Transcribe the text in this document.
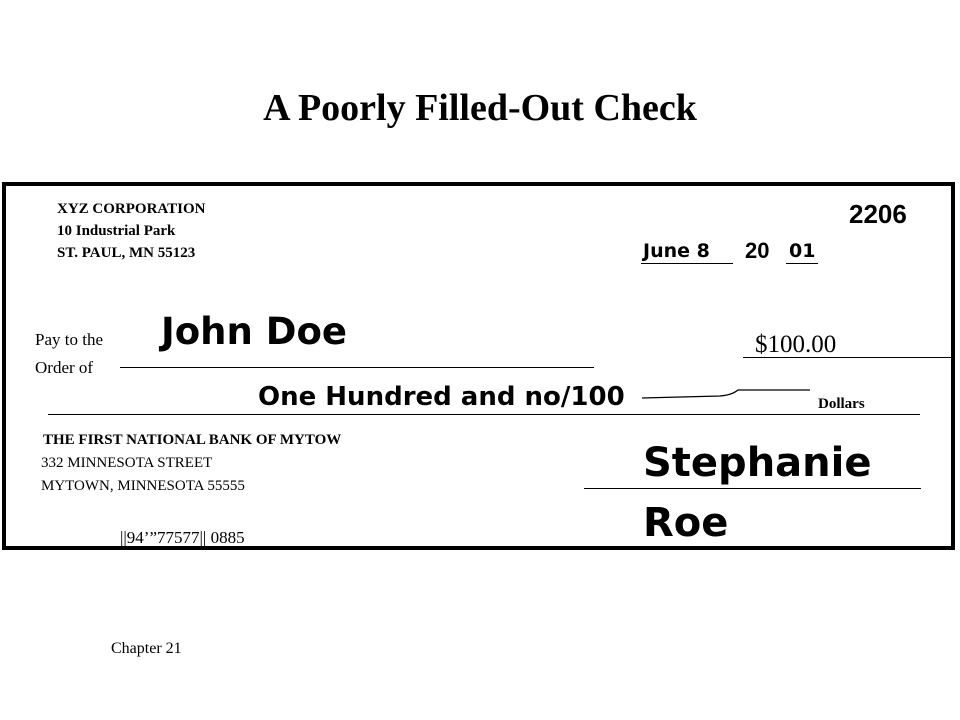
A Poorly Filled-Out Check
XYZ CORPORATION
10 Industrial Park
ST. PAUL, MN 55123
2206
June 8 20 01
Pay to the
Order of
John Doe	$100.00
One Hundred and no/100	Dollars
THE FIRST NATIONAL BANK OF MYTOW
332 MINNESOTA STREET
MYTOWN, MINNESOTA 55555	Stephanie
Roe
||94’”77577|| 0885
Chapter 21
